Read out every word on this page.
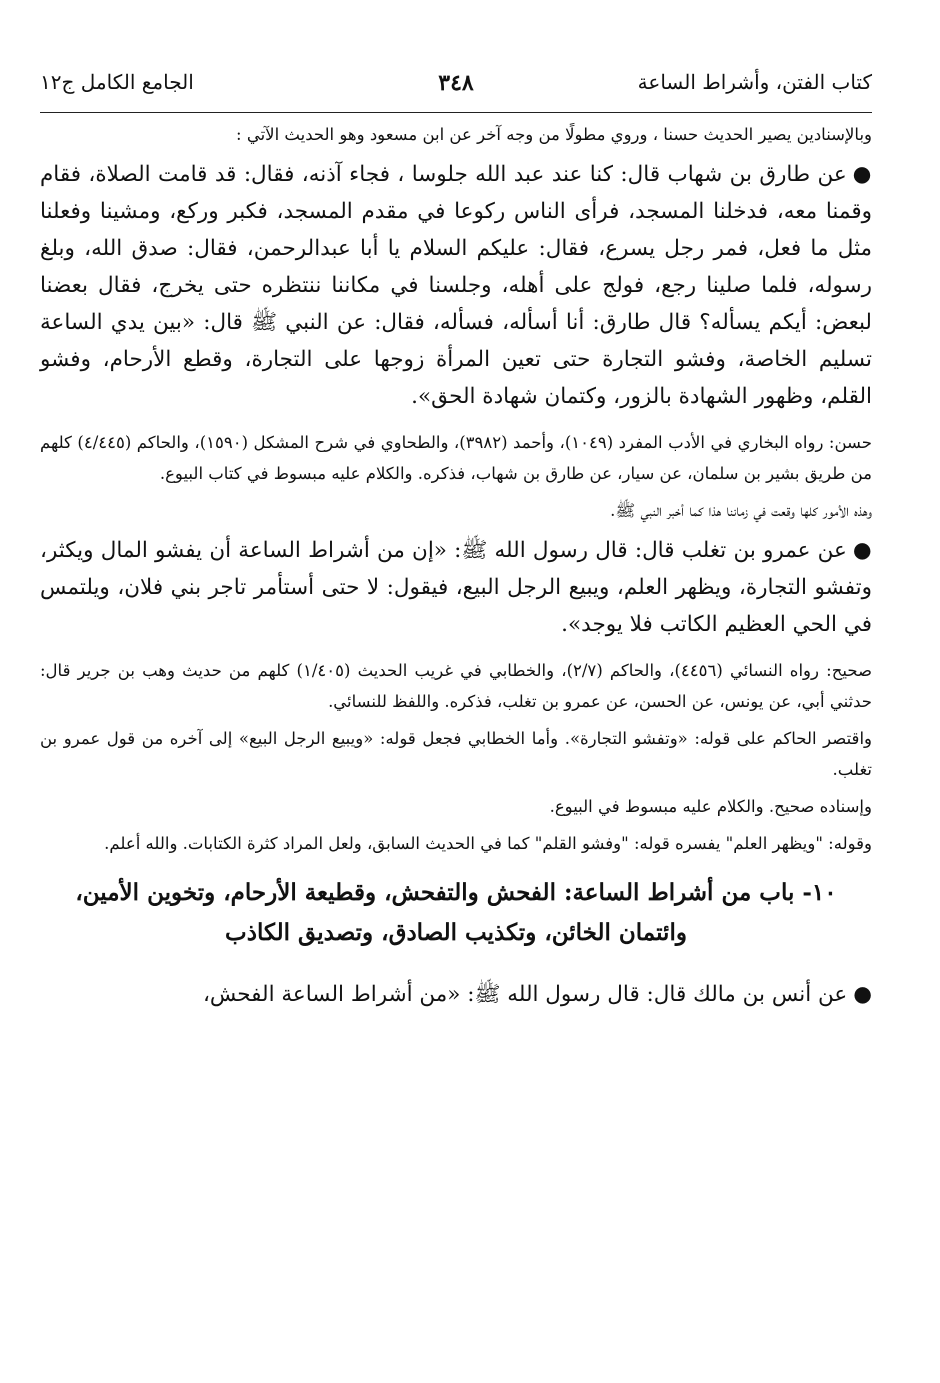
كتاب الفتن، وأشراط الساعة
٣٤٨
الجامع الكامل ج١٢

وبالإسنادين يصير الحديث حسنا ، وروي مطولًا من وجه آخر عن ابن مسعود وهو الحديث الآتي :

●عن طارق بن شهاب قال: كنا عند عبد الله جلوسا ، فجاء آذنه، فقال: قد قامت الصلاة، فقام وقمنا معه، فدخلنا المسجد، فرأى الناس ركوعا في مقدم المسجد، فكبر وركع، ومشينا وفعلنا مثل ما فعل، فمر رجل يسرع، فقال: عليكم السلام يا أبا عبدالرحمن، فقال: صدق الله، وبلغ رسوله، فلما صلينا رجع، فولج على أهله، وجلسنا في مكاننا ننتظره حتى يخرج، فقال بعضنا لبعض: أيكم يسأله؟ قال طارق: أنا أسأله، فسأله، فقال: عن النبي ﷺ قال: «بين يدي الساعة تسليم الخاصة، وفشو التجارة حتى تعين المرأة زوجها على التجارة، وقطع الأرحام، وفشو القلم، وظهور الشهادة بالزور، وكتمان شهادة الحق».

حسن: رواه البخاري في الأدب المفرد (١٠٤٩)، وأحمد (٣٩٨٢)، والطحاوي في شرح المشكل (١٥٩٠)، والحاكم (٤/٤٤٥) كلهم من طريق بشير بن سلمان، عن سيار، عن طارق بن شهاب، فذكره. والكلام عليه مبسوط في كتاب البيوع.

وهذه الأمور كلها وقعت في زماننا هذا كما أخبر النبي ﷺ.

●عن عمرو بن تغلب قال: قال رسول الله ﷺ: «إن من أشراط الساعة أن يفشو المال ويكثر، وتفشو التجارة، ويظهر العلم، ويبيع الرجل البيع، فيقول: لا حتى أستأمر تاجر بني فلان، ويلتمس في الحي العظيم الكاتب فلا يوجد».

صحيح: رواه النسائي (٤٤٥٦)، والحاكم (٢/٧)، والخطابي في غريب الحديث (١/٤٠٥) كلهم من حديث وهب بن جرير قال: حدثني أبي، عن يونس، عن الحسن، عن عمرو بن تغلب، فذكره. واللفظ للنسائي.

واقتصر الحاكم على قوله: «وتفشو التجارة». وأما الخطابي فجعل قوله: «ويبيع الرجل البيع» إلى آخره من قول عمرو بن تغلب.

وإسناده صحيح. والكلام عليه مبسوط في البيوع.

وقوله: "ويظهر العلم" يفسره قوله: "وفشو القلم" كما في الحديث السابق، ولعل المراد كثرة الكتابات. والله أعلم.

١٠- باب من أشراط الساعة: الفحش والتفحش، وقطيعة الأرحام، وتخوين الأمين، وائتمان الخائن، وتكذيب الصادق، وتصديق الكاذب

●عن أنس بن مالك قال: قال رسول الله ﷺ: «من أشراط الساعة الفحش،
